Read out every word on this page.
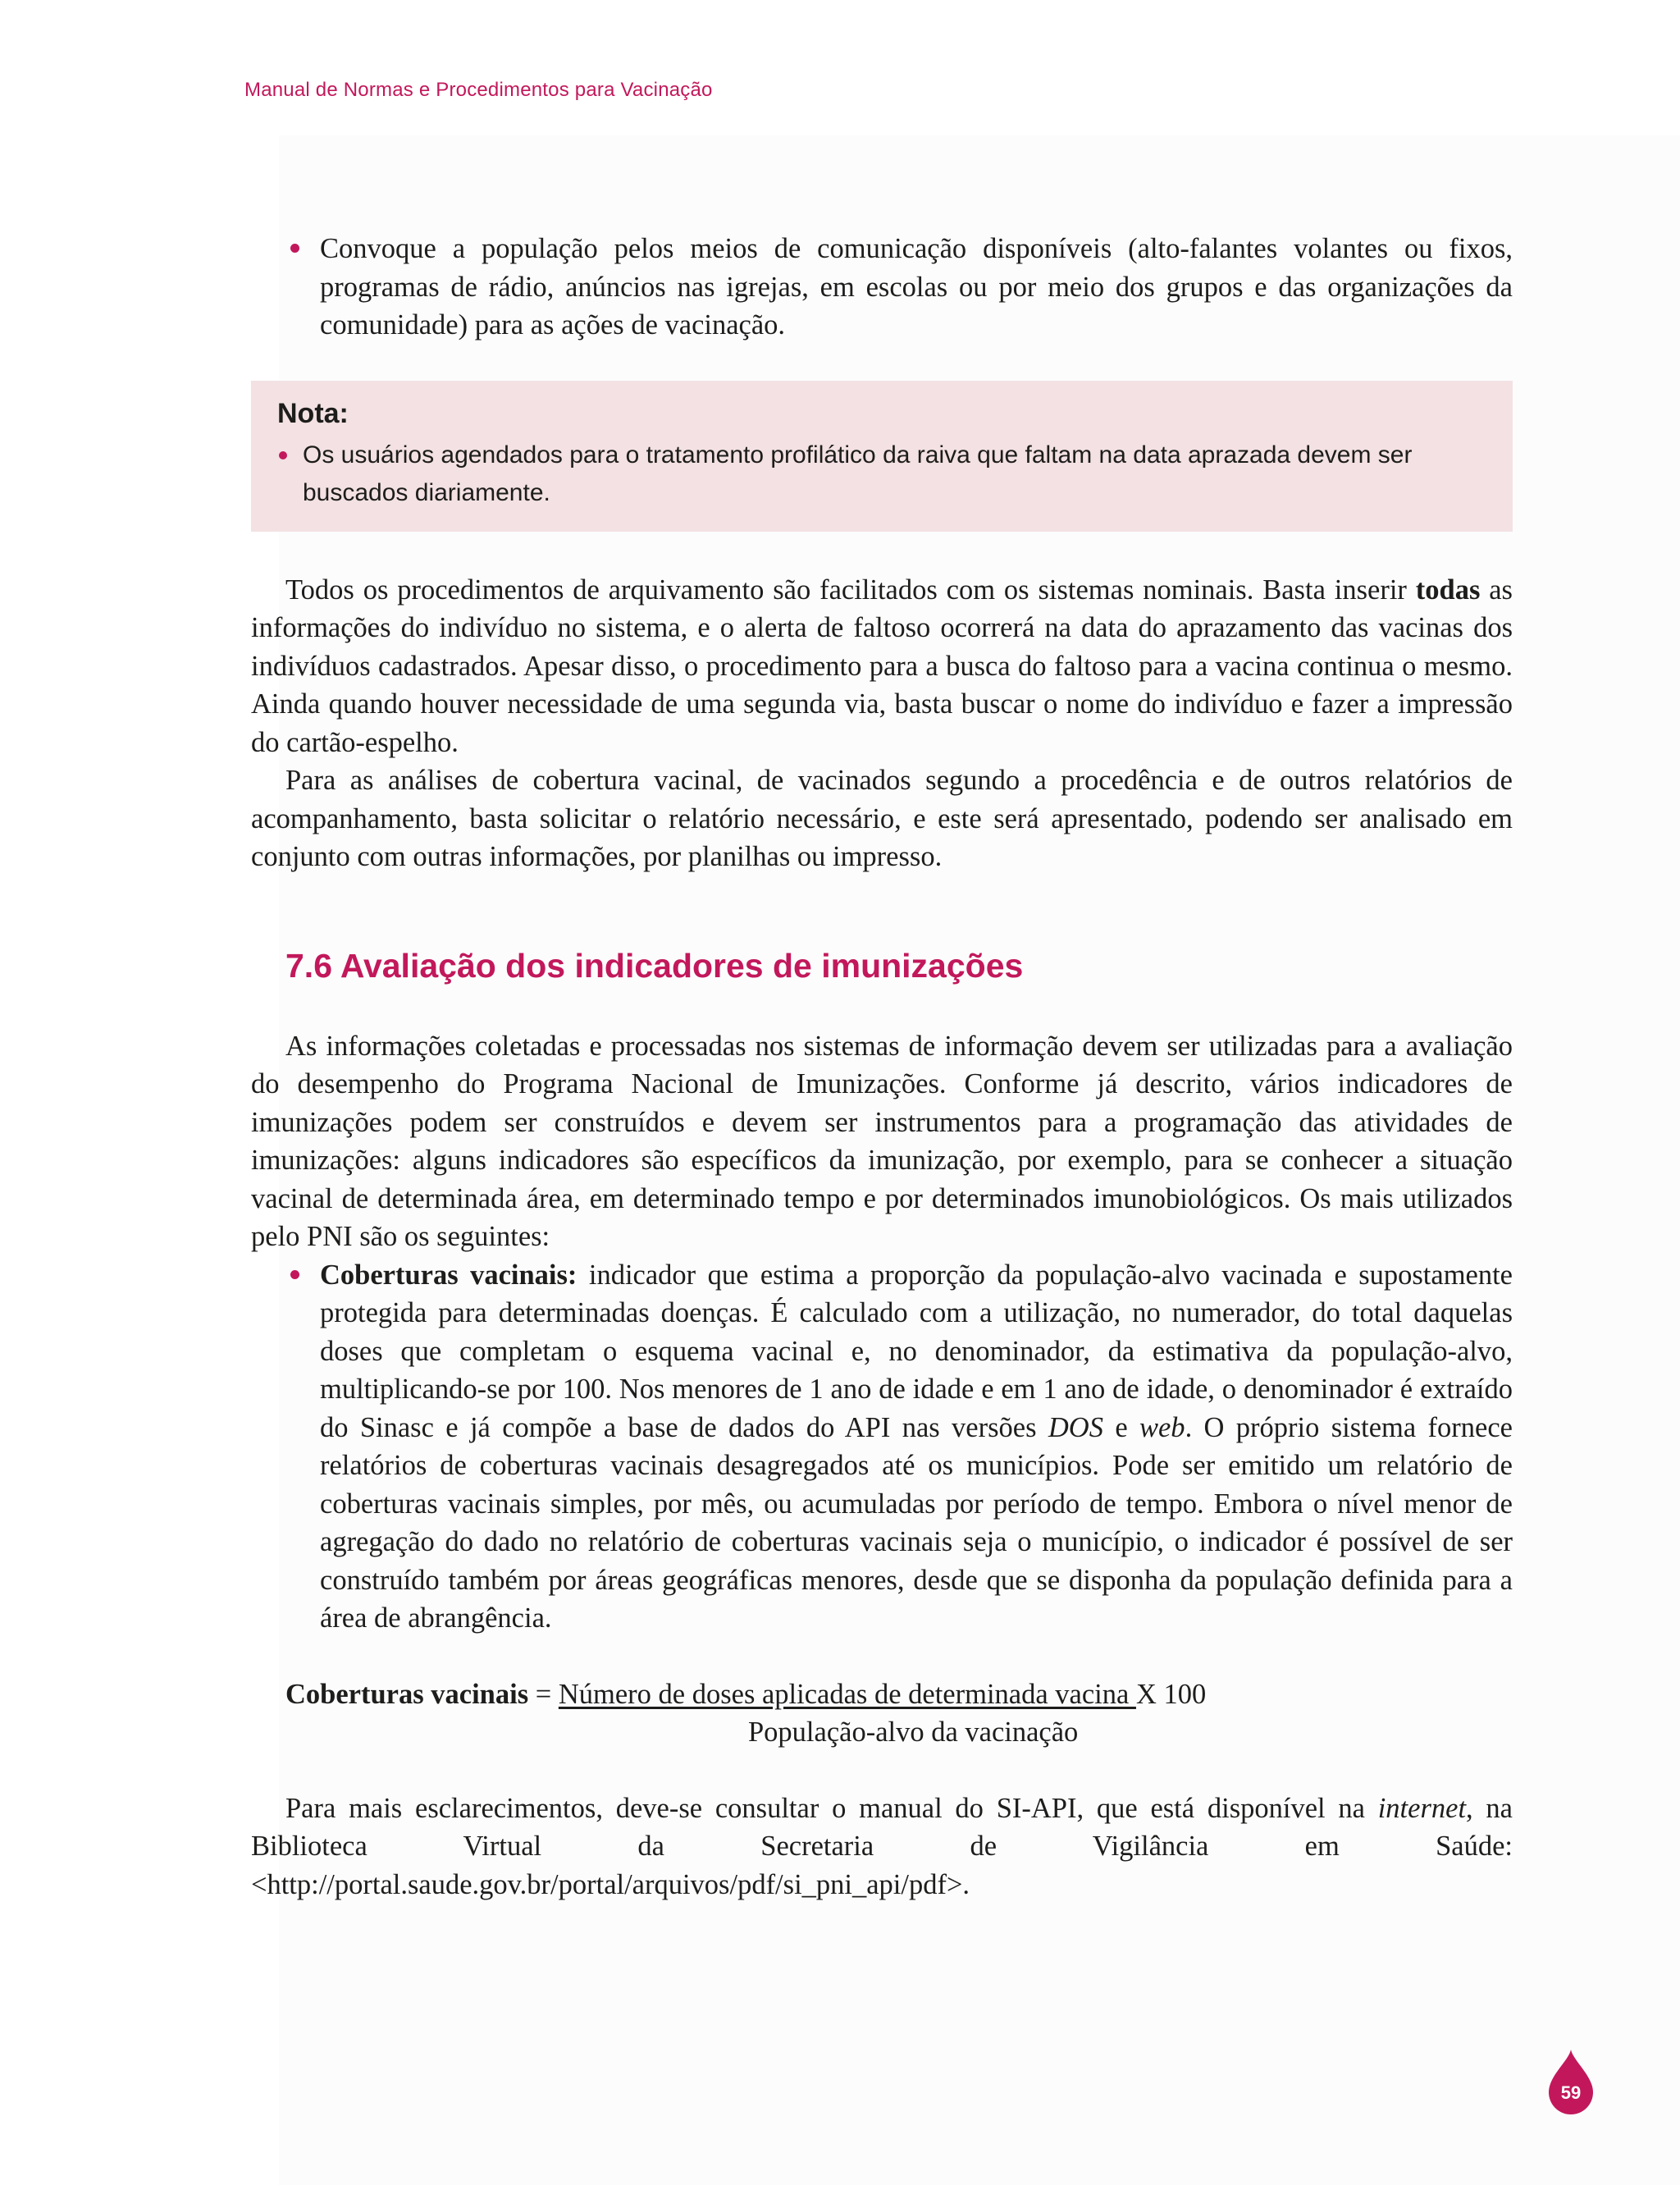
Manual de Normas e Procedimentos para Vacinação
Convoque a população pelos meios de comunicação disponíveis (alto-falantes volantes ou fixos, programas de rádio, anúncios nas igrejas, em escolas ou por meio dos grupos e das organizações da comunidade) para as ações de vacinação.
Nota:
Os usuários agendados para o tratamento profilático da raiva que faltam na data aprazada devem ser buscados diariamente.

Todos os procedimentos de arquivamento são facilitados com os sistemas nominais. Basta inserir todas as informações do indivíduo no sistema, e o alerta de faltoso ocorrerá na data do aprazamento das vacinas dos indivíduos cadastrados. Apesar disso, o procedimento para a busca do faltoso para a vacina continua o mesmo. Ainda quando houver necessidade de uma segunda via, basta buscar o nome do indivíduo e fazer a impressão do cartão-espelho.

Para as análises de cobertura vacinal, de vacinados segundo a procedência e de outros relatórios de acompanhamento, basta solicitar o relatório necessário, e este será apresentado, podendo ser analisado em conjunto com outras informações, por planilhas ou impresso.

7.6 Avaliação dos indicadores de imunizações

As informações coletadas e processadas nos sistemas de informação devem ser utilizadas para a avaliação do desempenho do Programa Nacional de Imunizações. Conforme já descrito, vários indicadores de imunizações podem ser construídos e devem ser instrumentos para a programação das atividades de imunizações: alguns indicadores são específicos da imunização, por exemplo, para se conhecer a situação vacinal de determinada área, em determinado tempo e por determinados imunobiológicos. Os mais utilizados pelo PNI são os seguintes:

Coberturas vacinais: indicador que estima a proporção da população-alvo vacinada e supostamente protegida para determinadas doenças. É calculado com a utilização, no numerador, do total daquelas doses que completam o esquema vacinal e, no denominador, da estimativa da população-alvo, multiplicando-se por 100. Nos menores de 1 ano de idade e em 1 ano de idade, o denominador é extraído do Sinasc e já compõe a base de dados do API nas versões DOS e web. O próprio sistema fornece relatórios de coberturas vacinais desagregados até os municípios. Pode ser emitido um relatório de coberturas vacinais simples, por mês, ou acumuladas por período de tempo. Embora o nível menor de agregação do dado no relatório de coberturas vacinais seja o município, o indicador é possível de ser construído também por áreas geográficas menores, desde que se disponha da população definida para a área de abrangência.
Coberturas vacinais = Número de doses aplicadas de determinada vacina X 100
População-alvo da vacinação

Para mais esclarecimentos, deve-se consultar o manual do SI-API, que está disponível na internet, na Biblioteca Virtual da Secretaria de Vigilância em Saúde: <http://portal.saude.gov.br/portal/arquivos/pdf/si_pni_api/pdf>.

59
